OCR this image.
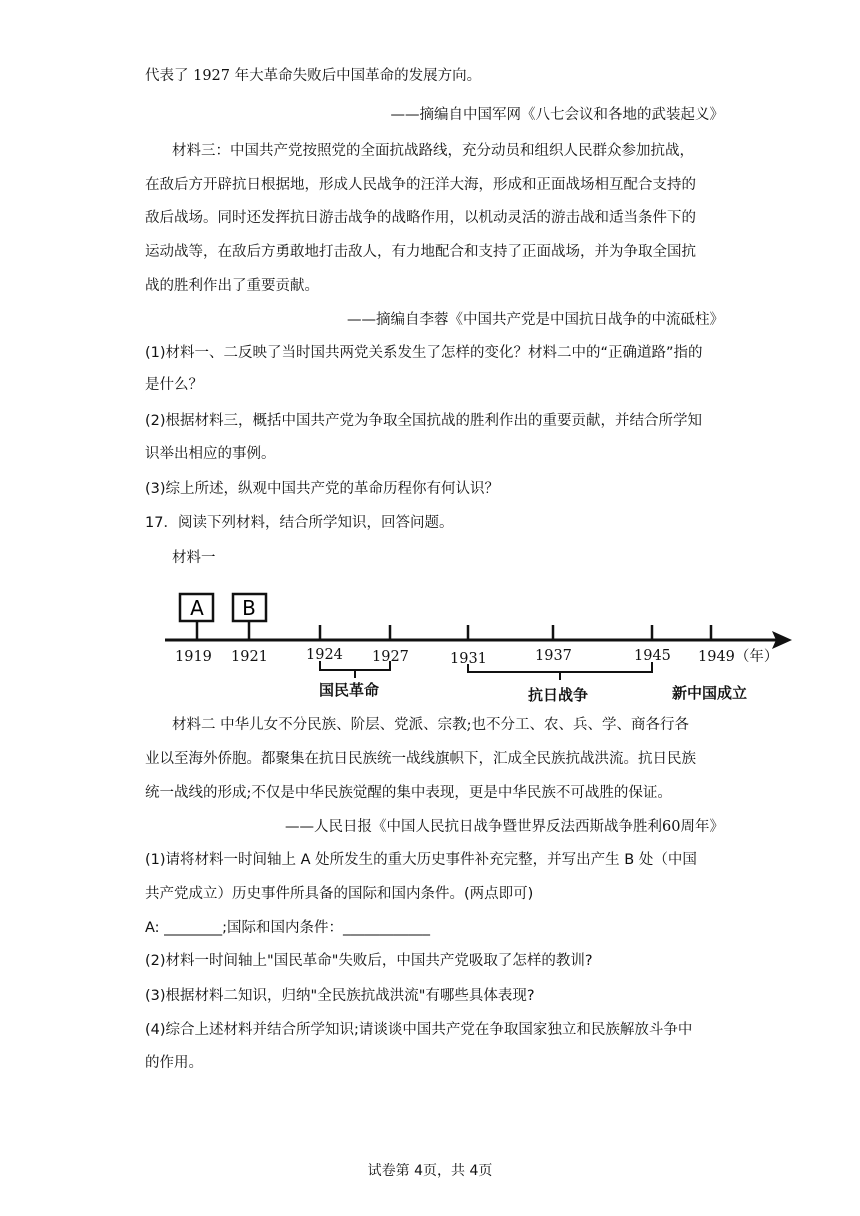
代表了 1927 年大革命失败后中国革命的发展方向。
——摘编自中国军网《八七会议和各地的武装起义》
材料三：中国共产党按照党的全面抗战路线，充分动员和组织人民群众参加抗战，
在敌后方开辟抗日根据地，形成人民战争的汪洋大海，形成和正面战场相互配合支持的
敌后战场。同时还发挥抗日游击战争的战略作用，以机动灵活的游击战和适当条件下的
运动战等，在敌后方勇敢地打击敌人，有力地配合和支持了正面战场，并为争取全国抗
战的胜利作出了重要贡献。
——摘编自李蓉《中国共产党是中国抗日战争的中流砥柱》
(1)材料一、二反映了当时国共两党关系发生了怎样的变化？材料二中的“正确道路”指的
是什么？
(2)根据材料三，概括中国共产党为争取全国抗战的胜利作出的重要贡献，并结合所学知
识举出相应的事例。
(3)综上所述，纵观中国共产党的革命历程你有何认识？
17．阅读下列材料，结合所学知识，回答问题。
材料一
材料二 中华儿女不分民族、阶层、党派、宗教;也不分工、农、兵、学、商各行各
业以至海外侨胞。都聚集在抗日民族统一战线旗帜下，汇成全民族抗战洪流。抗日民族
统一战线的形成;不仅是中华民族觉醒的集中表现，更是中华民族不可战胜的保证。
——人民日报《中国人民抗日战争暨世界反法西斯战争胜利60周年》
(1)请将材料一时间轴上 A 处所发生的重大历史事件补充完整，并写出产生 B 处（中国
共产党成立）历史事件所具备的国际和国内条件。(两点即可)
A: ________;国际和国内条件：____________
(2)材料一时间轴上"国民革命"失败后，中国共产党吸取了怎样的教训?
(3)根据材料二知识，归纳"全民族抗战洪流"有哪些具体表现?
(4)综合上述材料并结合所学知识;请谈谈中国共产党在争取国家独立和民族解放斗争中
的作用。
A B
1919 1921	1924 1927	1931	1937	1945 1949（年）
国民革命	抗日战争	新中国成立
试卷第 4页，共 4页
